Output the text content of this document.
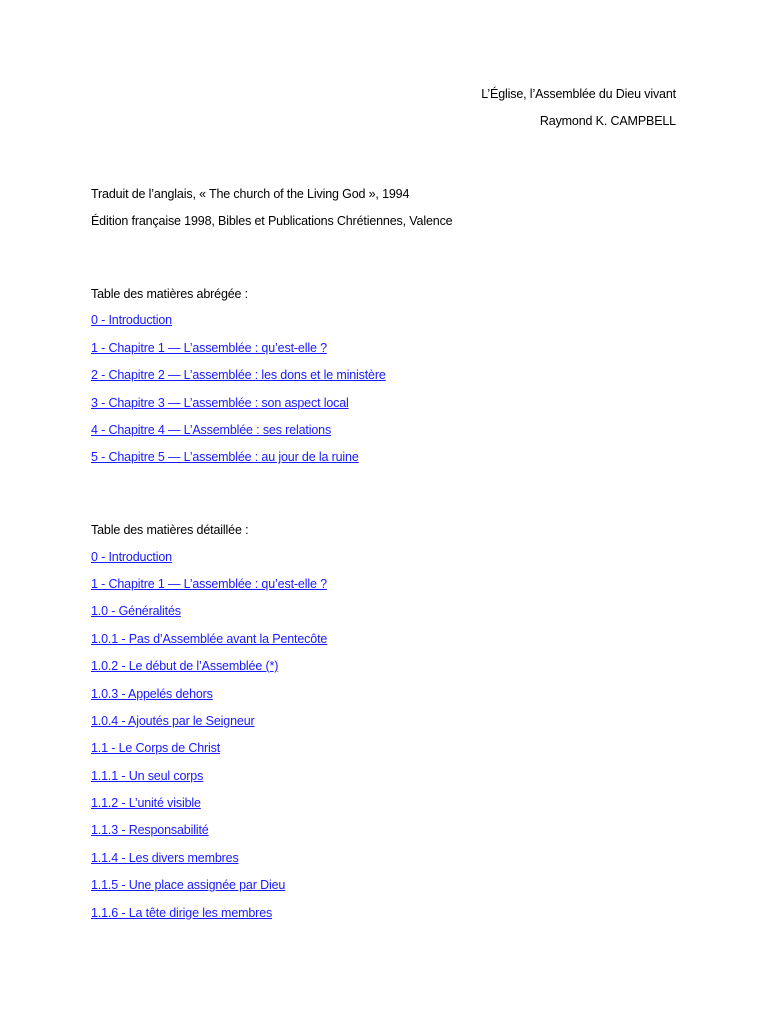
L’Église, l’Assemblée du Dieu vivant
Raymond K. CAMPBELL
Traduit de l’anglais, « The church of the Living God », 1994
Édition française 1998, Bibles et Publications Chrétiennes, Valence
Table des matières abrégée :
0 - Introduction
1 - Chapitre 1 — L’assemblée : qu’est-elle ?
2 - Chapitre 2 — L’assemblée : les dons et le ministère
3 - Chapitre 3 — L’assemblée : son aspect local
4 - Chapitre 4 — L’Assemblée : ses relations
5 - Chapitre 5 — L’assemblée : au jour de la ruine
Table des matières détaillée :
0 - Introduction
1 - Chapitre 1 — L’assemblée : qu’est-elle ?
1.0 - Généralités
1.0.1 - Pas d’Assemblée avant la Pentecôte
1.0.2 - Le début de l’Assemblée (*)
1.0.3 - Appelés dehors
1.0.4 - Ajoutés par le Seigneur
1.1 - Le Corps de Christ
1.1.1 - Un seul corps
1.1.2 - L’unité visible
1.1.3 - Responsabilité
1.1.4 - Les divers membres
1.1.5 - Une place assignée par Dieu
1.1.6 - La tête dirige les membres
